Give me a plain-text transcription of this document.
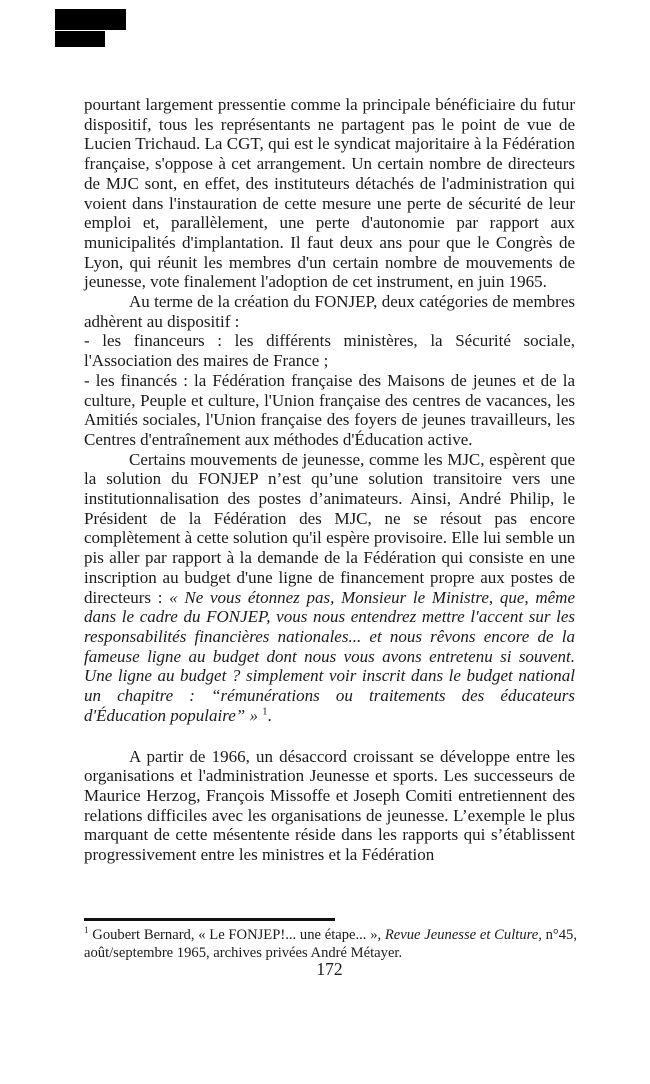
pourtant largement pressentie comme la principale bénéficiaire du futur dispositif, tous les représentants ne partagent pas le point de vue de Lucien Trichaud. La CGT, qui est le syndicat majoritaire à la Fédération française, s'oppose à cet arrangement. Un certain nombre de directeurs de MJC sont, en effet, des instituteurs détachés de l'administration qui voient dans l'instauration de cette mesure une perte de sécurité de leur emploi et, parallèlement, une perte d'autonomie par rapport aux municipalités d'implantation. Il faut deux ans pour que le Congrès de Lyon, qui réunit les membres d'un certain nombre de mouvements de jeunesse, vote finalement l'adoption de cet instrument, en juin 1965.

Au terme de la création du FONJEP, deux catégories de membres adhèrent au dispositif :

- les financeurs : les différents ministères, la Sécurité sociale, l'Association des maires de France ;

- les financés : la Fédération française des Maisons de jeunes et de la culture, Peuple et culture, l'Union française des centres de vacances, les Amitiés sociales, l'Union française des foyers de jeunes travailleurs, les Centres d'entraînement aux méthodes d'Éducation active.

Certains mouvements de jeunesse, comme les MJC, espèrent que la solution du FONJEP n’est qu’une solution transitoire vers une institutionnalisation des postes d’animateurs. Ainsi, André Philip, le Président de la Fédération des MJC, ne se résout pas encore complètement à cette solution qu'il espère provisoire. Elle lui semble un pis aller par rapport à la demande de la Fédération qui consiste en une inscription au budget d'une ligne de financement propre aux postes de directeurs : « Ne vous étonnez pas, Monsieur le Ministre, que, même dans le cadre du FONJEP, vous nous entendrez mettre l'accent sur les responsabilités financières nationales... et nous rêvons encore de la fameuse ligne au budget dont nous vous avons entretenu si souvent. Une ligne au budget ? simplement voir inscrit dans le budget national un chapitre : “rémunérations ou traitements des éducateurs d'Éducation populaire” » $^1$.

A partir de 1966, un désaccord croissant se développe entre les organisations et l'administration Jeunesse et sports. Les successeurs de Maurice Herzog, François Missoffe et Joseph Comiti entretiennent des relations difficiles avec les organisations de jeunesse. L’exemple le plus marquant de cette mésentente réside dans les rapports qui s’établissent progressivement entre les ministres et la Fédération

$^1$ Goubert Bernard, « Le FONJEP!... une étape... », Revue Jeunesse et Culture, n°45, août/septembre 1965, archives privées André Métayer.

172
